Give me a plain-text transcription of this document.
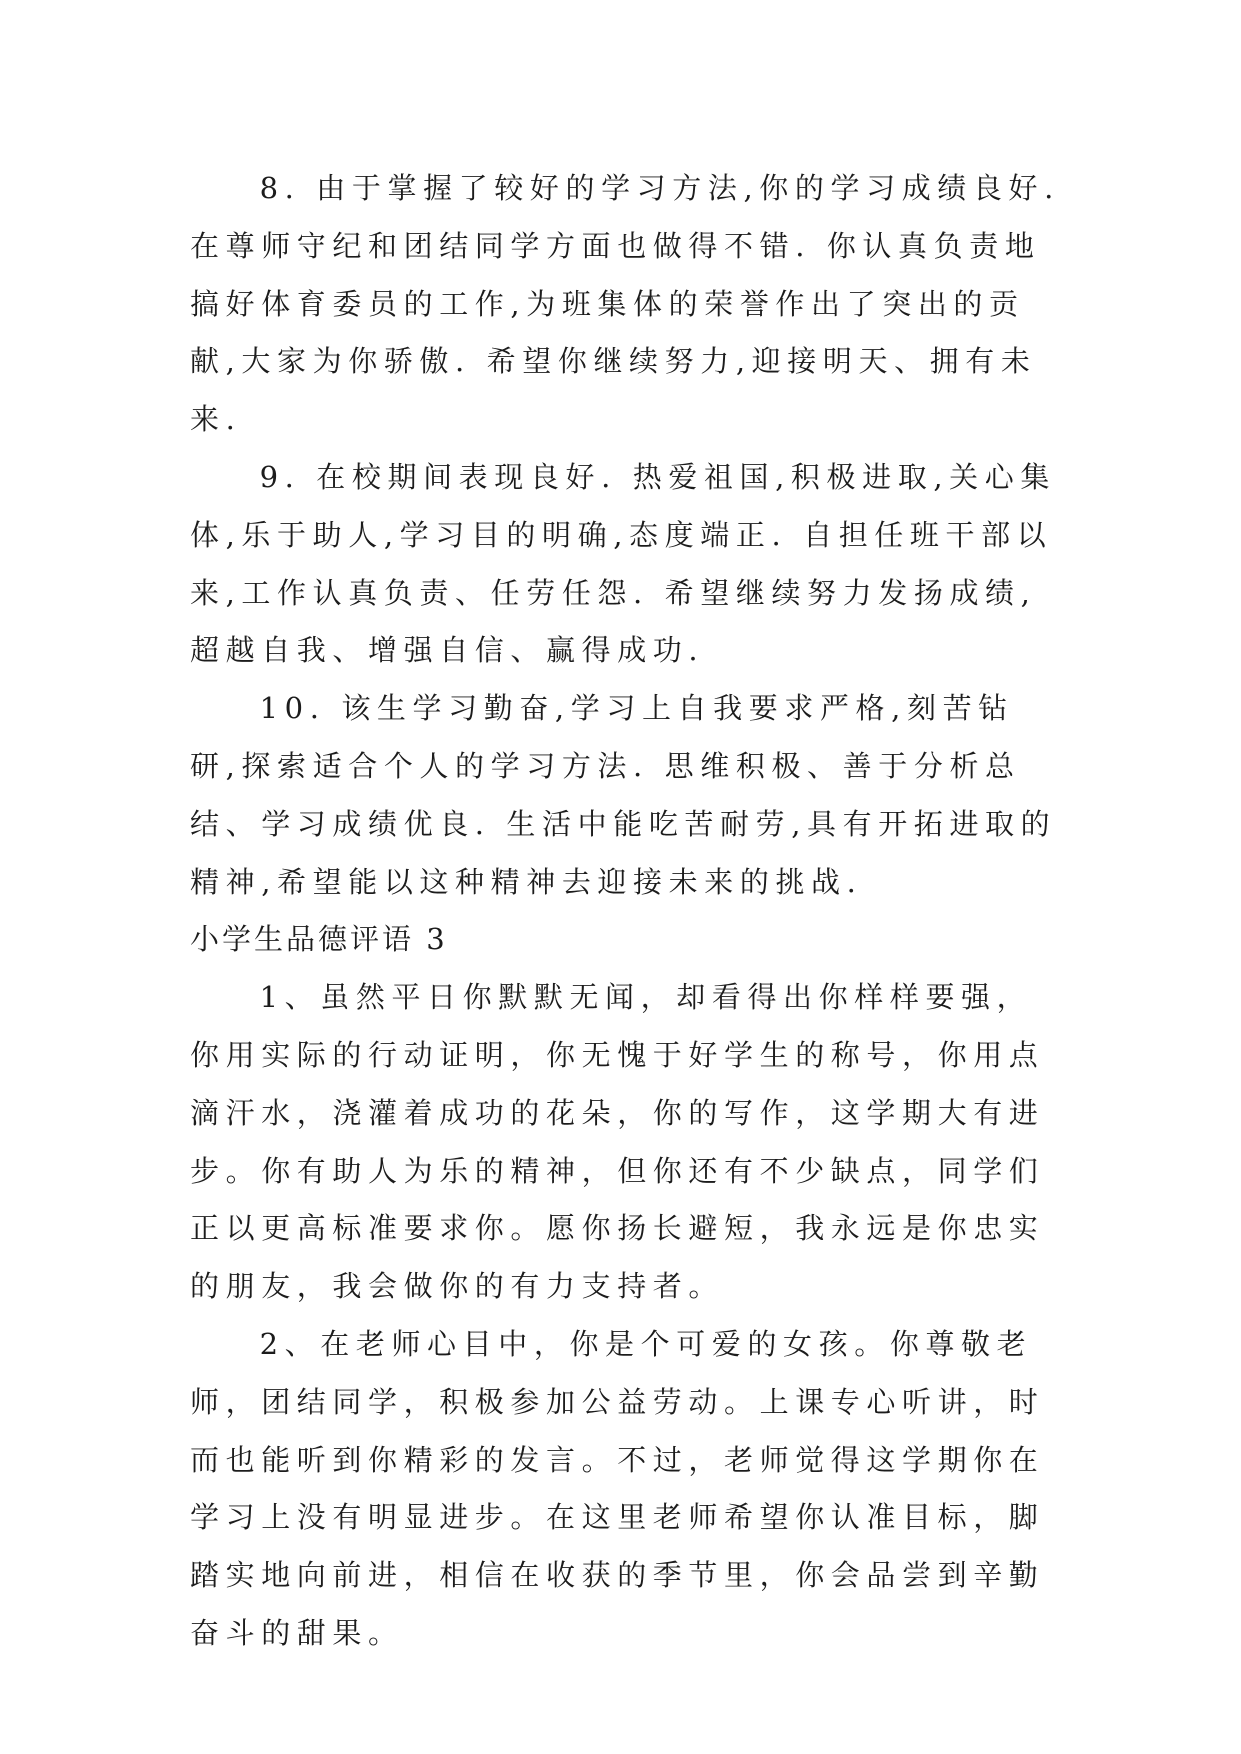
8. 由于掌握了较好的学习方法,你的学习成绩良好. 在尊师守纪和团结同学方面也做得不错. 你认真负责地搞好体育委员的工作,为班集体的荣誉作出了突出的贡献,大家为你骄傲. 希望你继续努力,迎接明天、拥有未来.

9. 在校期间表现良好. 热爱祖国,积极进取,关心集体,乐于助人,学习目的明确,态度端正. 自担任班干部以来,工作认真负责、任劳任怨. 希望继续努力发扬成绩,超越自我、增强自信、赢得成功.

10. 该生学习勤奋,学习上自我要求严格,刻苦钻研,探索适合个人的学习方法. 思维积极、善于分析总结、学习成绩优良. 生活中能吃苦耐劳,具有开拓进取的精神,希望能以这种精神去迎接未来的挑战.

小学生品德评语 3

1、虽然平日你默默无闻，却看得出你样样要强，你用实际的行动证明，你无愧于好学生的称号，你用点滴汗水，浇灌着成功的花朵，你的写作，这学期大有进步。你有助人为乐的精神，但你还有不少缺点，同学们正以更高标准要求你。愿你扬长避短，我永远是你忠实的朋友，我会做你的有力支持者。

2、在老师心目中，你是个可爱的女孩。你尊敬老师，团结同学，积极参加公益劳动。上课专心听讲，时而也能听到你精彩的发言。不过，老师觉得这学期你在学习上没有明显进步。在这里老师希望你认准目标，脚踏实地向前进，相信在收获的季节里，你会品尝到辛勤奋斗的甜果。
